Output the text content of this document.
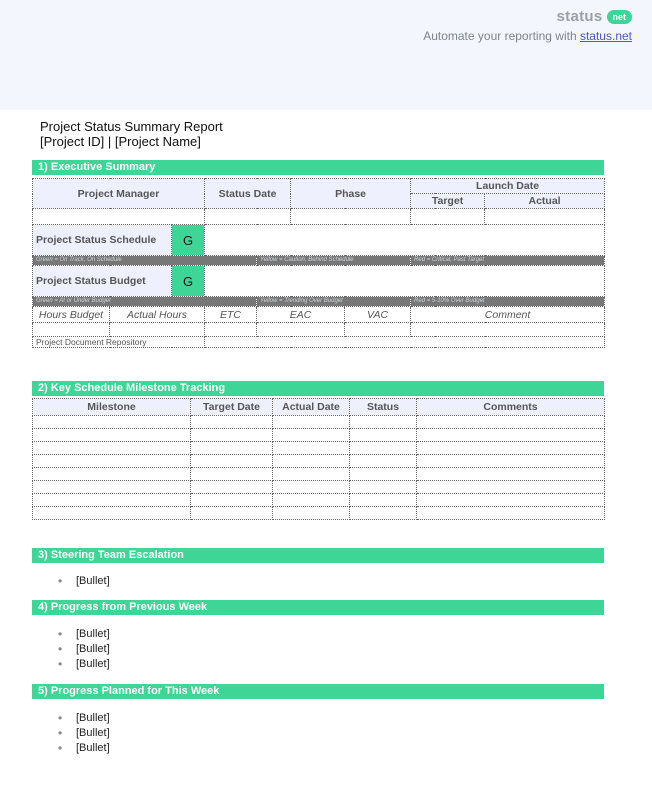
status	net
Automate your reporting with status.net
Project Status Summary Report
[Project ID] | [Project Name]
1) Executive Summary
Project Manager			Status Date		Phase		Launch Date	
							Target	Actual

Project Status Schedule		G						
Green = On Track, On Schedule				Yellow = Caution, Behind Schedule			Red = Critical, Past Target	
Project Status Budget		G						
Green = At or Under Budget				Yellow = Trending Over Budget			Red = 5-10% Over Budget	
Hours Budget	Actual Hours		ETC	EAC		VAC	Comment	

Project Document Repository								
2) Key Schedule Milestone Tracking
Milestone	Target Date	Actual Date	Status	Comments

3) Steering Team Escalation
• [Bullet]
4) Progress from Previous Week
• [Bullet]
• [Bullet]
• [Bullet]
5) Progress Planned for This Week
• [Bullet]
• [Bullet]
• [Bullet]
